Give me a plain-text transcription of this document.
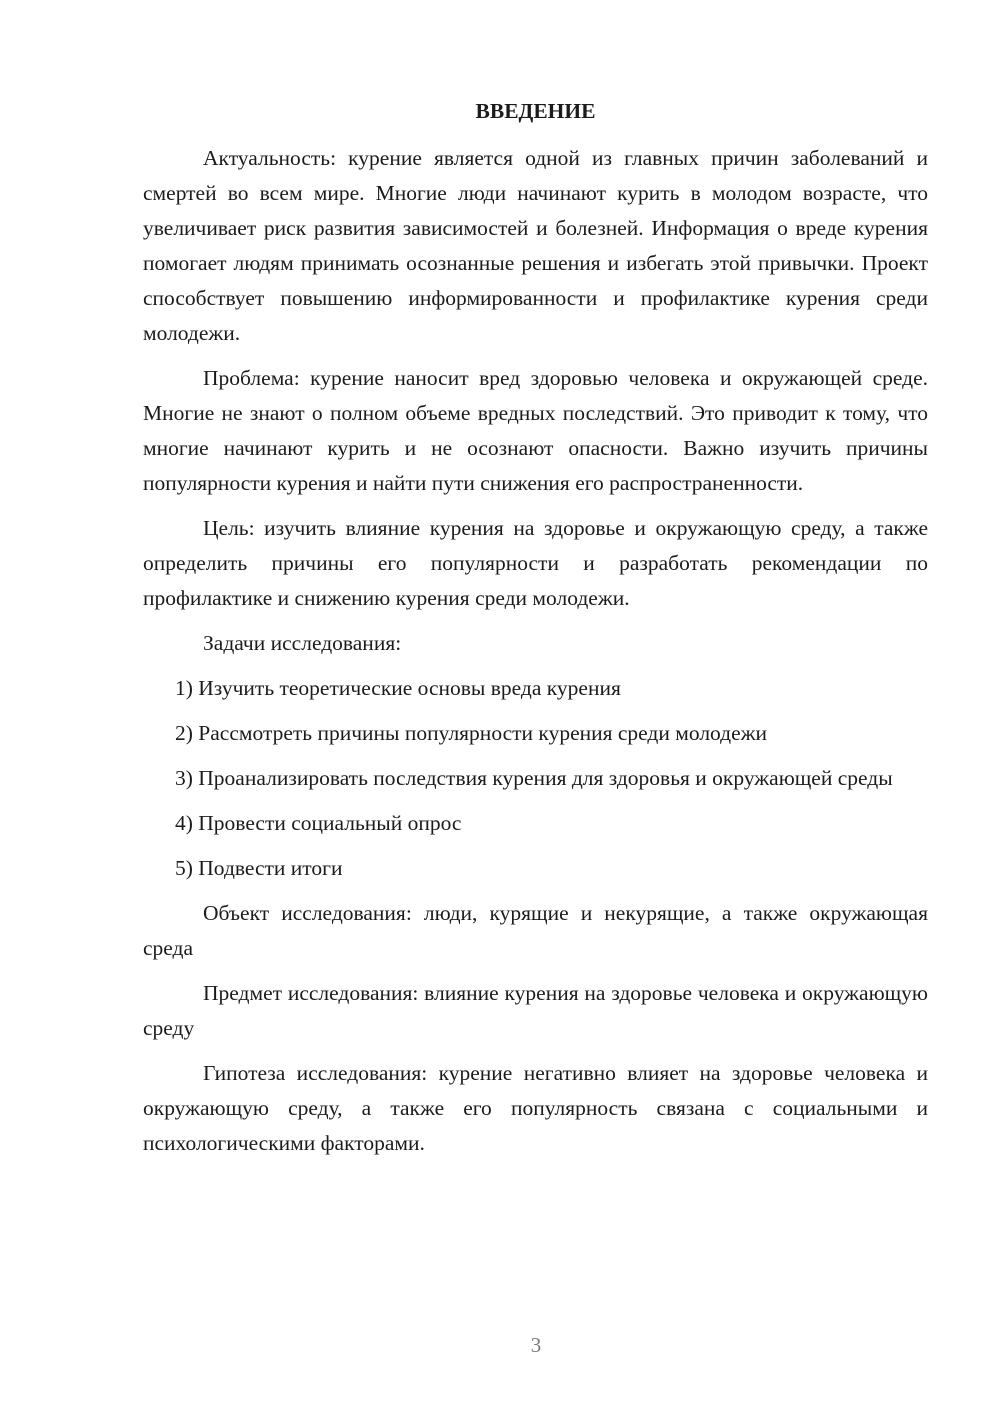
ВВЕДЕНИЕ

Актуальность: курение является одной из главных причин заболеваний и смертей во всем мире. Многие люди начинают курить в молодом возрасте, что увеличивает риск развития зависимостей и болезней. Информация о вреде курения помогает людям принимать осознанные решения и избегать этой привычки. Проект способствует повышению информированности и профилактике курения среди молодежи.

Проблема: курение наносит вред здоровью человека и окружающей среде. Многие не знают о полном объеме вредных последствий. Это приводит к тому, что многие начинают курить и не осознают опасности. Важно изучить причины популярности курения и найти пути снижения его распространенности.

Цель: изучить влияние курения на здоровье и окружающую среду, а также определить причины его популярности и разработать рекомендации по профилактике и снижению курения среди молодежи.

Задачи исследования:

1) Изучить теоретические основы вреда курения

2) Рассмотреть причины популярности курения среди молодежи

3) Проанализировать последствия курения для здоровья и окружающей среды

4) Провести социальный опрос

5) Подвести итоги

Объект исследования: люди, курящие и некурящие, а также окружающая среда

Предмет исследования: влияние курения на здоровье человека и окружающую среду

Гипотеза исследования: курение негативно влияет на здоровье человека и окружающую среду, а также его популярность связана с социальными и психологическими факторами.

3
